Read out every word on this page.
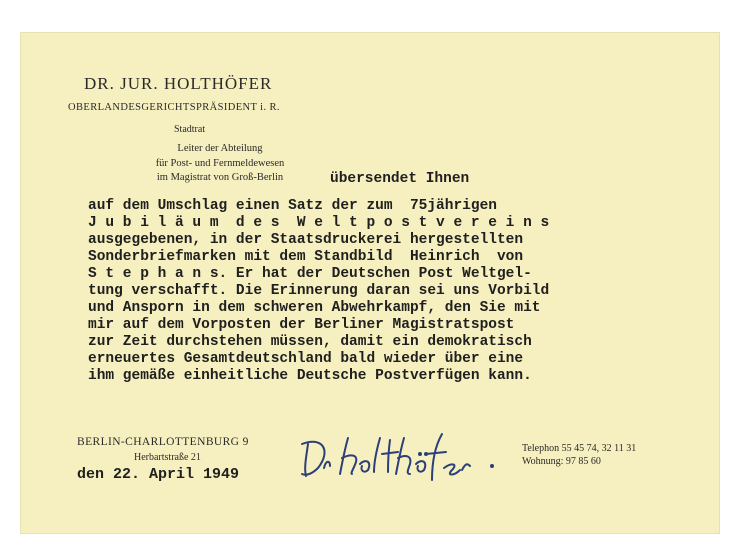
DR. JUR. HOLTHÖFER
OBERLANDESGERICHTSPRÄSIDENT i. R.
Stadtrat
Leiter der Abteilung
für Post- und Fernmeldewesen
im Magistrat von Groß-Berlin	übersendet Ihnen
auf dem Umschlag einen Satz der zum  75jährigen
J u b i l ä u m  d e s  W e l t p o s t v e r e i n s
ausgegebenen, in der Staatsdruckerei hergestellten
Sonderbriefmarken mit dem Standbild  Heinrich  von
S t e p h a n s. Er hat der Deutschen Post Weltgel-
tung verschafft. Die Erinnerung daran sei uns Vorbild
und Ansporn in dem schweren Abwehrkampf, den Sie mit
mir auf dem Vorposten der Berliner Magistratspost
zur Zeit durchstehen müssen, damit ein demokratisch
erneuertes Gesamtdeutschland bald wieder über eine
ihm gemäße einheitliche Deutsche Postverfügen kann.
BERLIN-CHARLOTTENBURG 9
Herbartstraße 21
den 22. April 1949
Telephon 55 45 74, 32 11 31
Wohnung: 97 85 60
